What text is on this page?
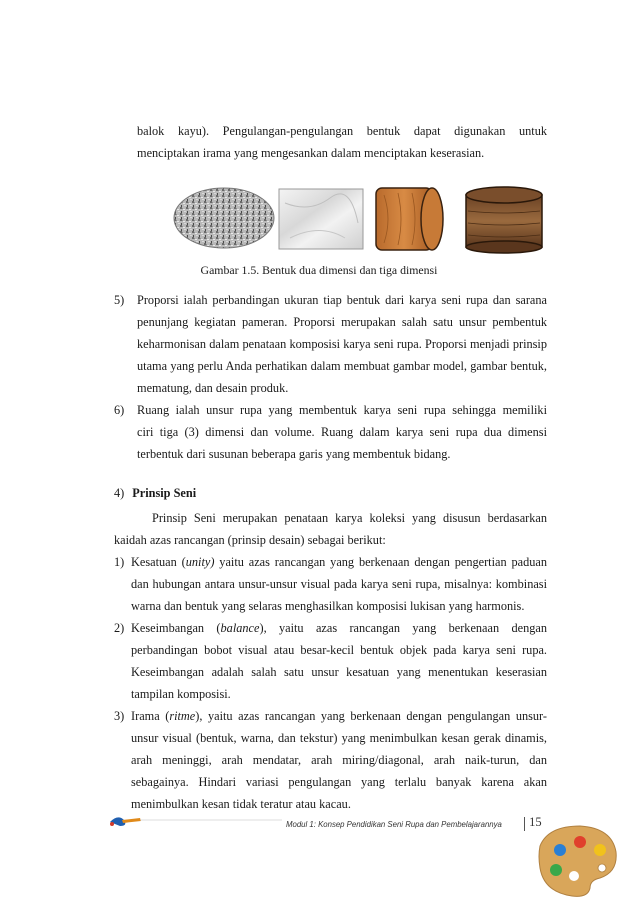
balok kayu). Pengulangan-pengulangan bentuk dapat digunakan untuk
menciptakan irama yang mengesankan dalam menciptakan keserasian.
Gambar 1.5. Bentuk dua dimensi dan tiga dimensi
5) Proporsi ialah perbandingan ukuran tiap bentuk dari karya seni rupa dan sarana
penunjang kegiatan pameran. Proporsi merupakan salah satu unsur pembentuk
keharmonisan dalam penataan komposisi karya seni rupa. Proporsi menjadi prinsip
utama yang perlu Anda perhatikan dalam membuat gambar model, gambar bentuk,
mematung, dan desain produk.
6) Ruang ialah unsur rupa yang membentuk karya seni rupa sehingga memiliki
ciri tiga (3) dimensi dan volume. Ruang dalam karya seni rupa dua dimensi
terbentuk dari susunan beberapa garis yang membentuk bidang.
4) Prinsip Seni
Prinsip Seni merupakan penataan karya koleksi yang disusun berdasarkan
kaidah azas rancangan (prinsip desain) sebagai berikut:
1) Kesatuan (unity) yaitu azas rancangan yang berkenaan dengan pengertian paduan
dan hubungan antara unsur-unsur visual pada karya seni rupa, misalnya: kombinasi
warna dan bentuk yang selaras menghasilkan komposisi lukisan yang harmonis.
2) Keseimbangan (balance), yaitu azas rancangan yang berkenaan dengan
perbandingan bobot visual atau besar-kecil bentuk objek pada karya seni rupa.
Keseimbangan adalah salah satu unsur kesatuan yang menentukan keserasian
tampilan komposisi.
3) Irama (ritme), yaitu azas rancangan yang berkenaan dengan pengulangan unsur-
unsur visual (bentuk, warna, dan tekstur) yang menimbulkan kesan gerak dinamis,
arah meninggi, arah mendatar, arah miring/diagonal, arah naik-turun, dan
sebagainya. Hindari variasi pengulangan yang terlalu banyak karena akan
menimbulkan kesan tidak teratur atau kacau.
Modul 1: Konsep Pendidikan Seni Rupa dan Pembelajarannya 15
